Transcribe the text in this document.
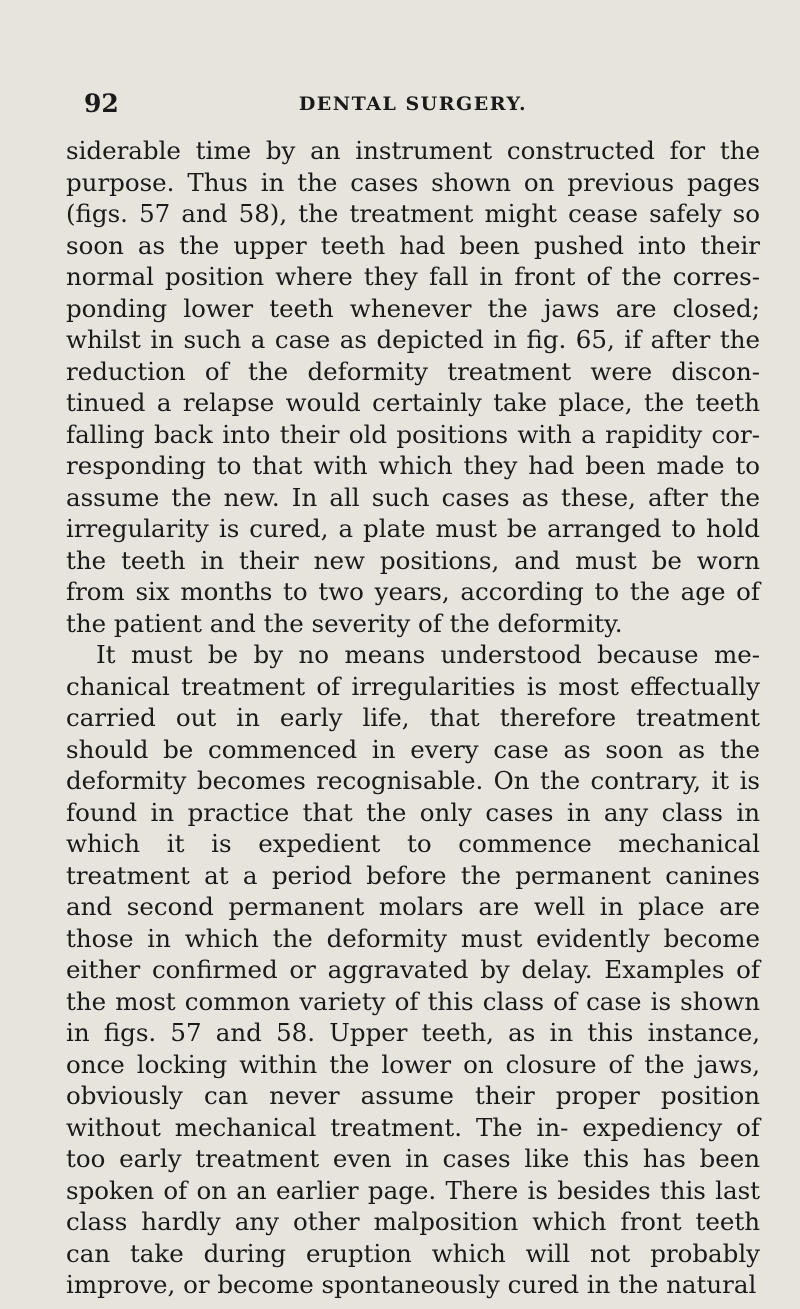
92	DENTAL SURGERY.

siderable time by an instrument constructed for the purpose. Thus in the cases shown on previous pages (figs. 57 and 58), the treatment might cease safely so soon as the upper teeth had been pushed into their normal position where they fall in front of the corres- ponding lower teeth whenever the jaws are closed; whilst in such a case as depicted in fig. 65, if after the reduction of the deformity treatment were discon- tinued a relapse would certainly take place, the teeth falling back into their old positions with a rapidity cor- responding to that with which they had been made to assume the new. In all such cases as these, after the irregularity is cured, a plate must be arranged to hold the teeth in their new positions, and must be worn from six months to two years, according to the age of the patient and the severity of the deformity.

It must be by no means understood because me- chanical treatment of irregularities is most effectually carried out in early life, that therefore treatment should be commenced in every case as soon as the deformity becomes recognisable. On the contrary, it is found in practice that the only cases in any class in which it is expedient to commence mechanical treatment at a period before the permanent canines and second permanent molars are well in place are those in which the deformity must evidently become either confirmed or aggravated by delay. Examples of the most common variety of this class of case is shown in figs. 57 and 58. Upper teeth, as in this instance, once locking within the lower on closure of the jaws, obviously can never assume their proper position without mechanical treatment. The in- expediency of too early treatment even in cases like this has been spoken of on an earlier page. There is besides this last class hardly any other malposition which front teeth can take during eruption which will not probably improve, or become spontaneously cured in the natural
